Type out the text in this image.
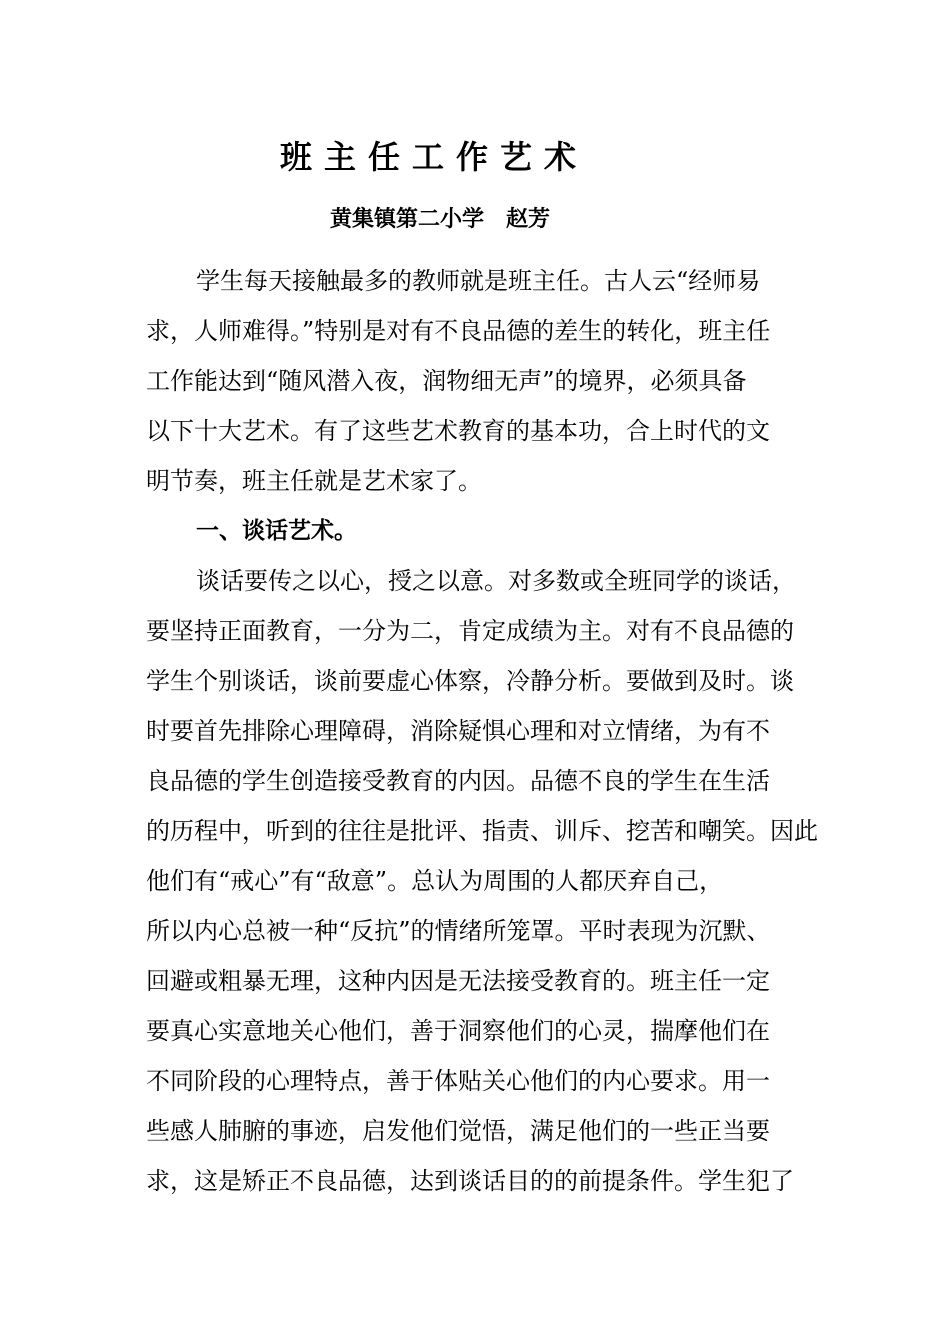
班主任工作艺术

黄集镇第二小学 赵芳

学生每天接触最多的教师就是班主任。古人云“经师易
求，人师难得。”特别是对有不良品德的差生的转化，班主任
工作能达到“随风潜入夜，润物细无声”的境界，必须具备
以下十大艺术。有了这些艺术教育的基本功，合上时代的文
明节奏，班主任就是艺术家了。
一、谈话艺术。
谈话要传之以心，授之以意。对多数或全班同学的谈话，
要坚持正面教育，一分为二，肯定成绩为主。对有不良品德的
学生个别谈话，谈前要虚心体察，冷静分析。要做到及时。谈
时要首先排除心理障碍，消除疑惧心理和对立情绪，为有不
良品德的学生创造接受教育的内因。品德不良的学生在生活
的历程中，听到的往往是批评、指责、训斥、挖苦和嘲笑。因此
他们有“戒心”有“敌意”。总认为周围的人都厌弃自己，
所以内心总被一种“反抗”的情绪所笼罩。平时表现为沉默、
回避或粗暴无理，这种内因是无法接受教育的。班主任一定
要真心实意地关心他们，善于洞察他们的心灵，揣摩他们在
不同阶段的心理特点，善于体贴关心他们的内心要求。用一
些感人肺腑的事迹，启发他们觉悟，满足他们的一些正当要
求，这是矫正不良品德，达到谈话目的的前提条件。学生犯了
